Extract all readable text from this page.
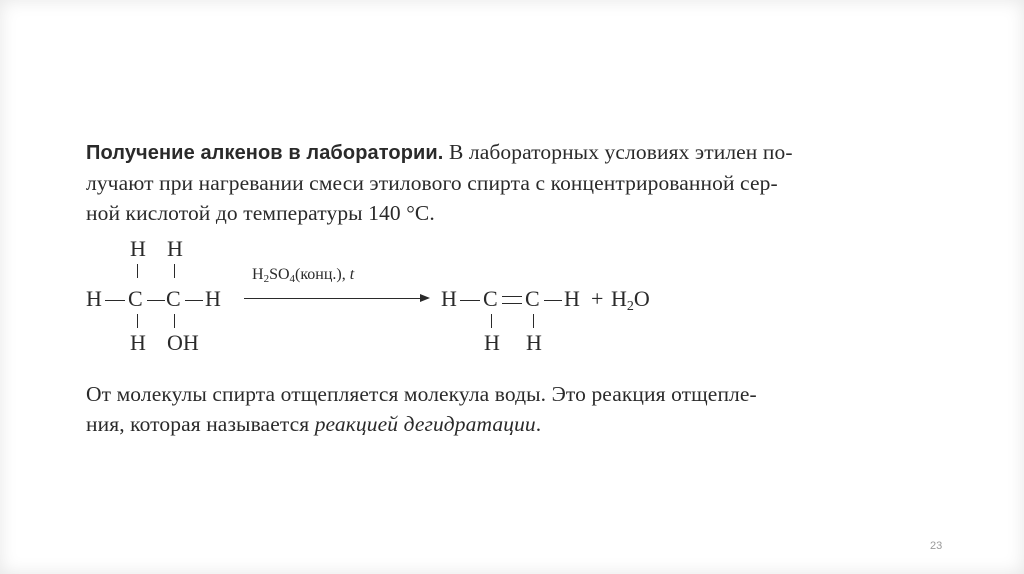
Получение алкенов в лаборатории. В лабораторных условиях этилен по-
лучают при нагревании смеси этилового спирта с концентрированной сер-
ной кислотой до температуры 140 °C.
H H
H C C H
H OH
$H_2SO_4(конц.)$, t
H C C $H + H_2O$
H H
От молекулы спирта отщепляется молекула воды. Это реакция отщепле-
ния, которая называется реакцией дегидратации.
23
